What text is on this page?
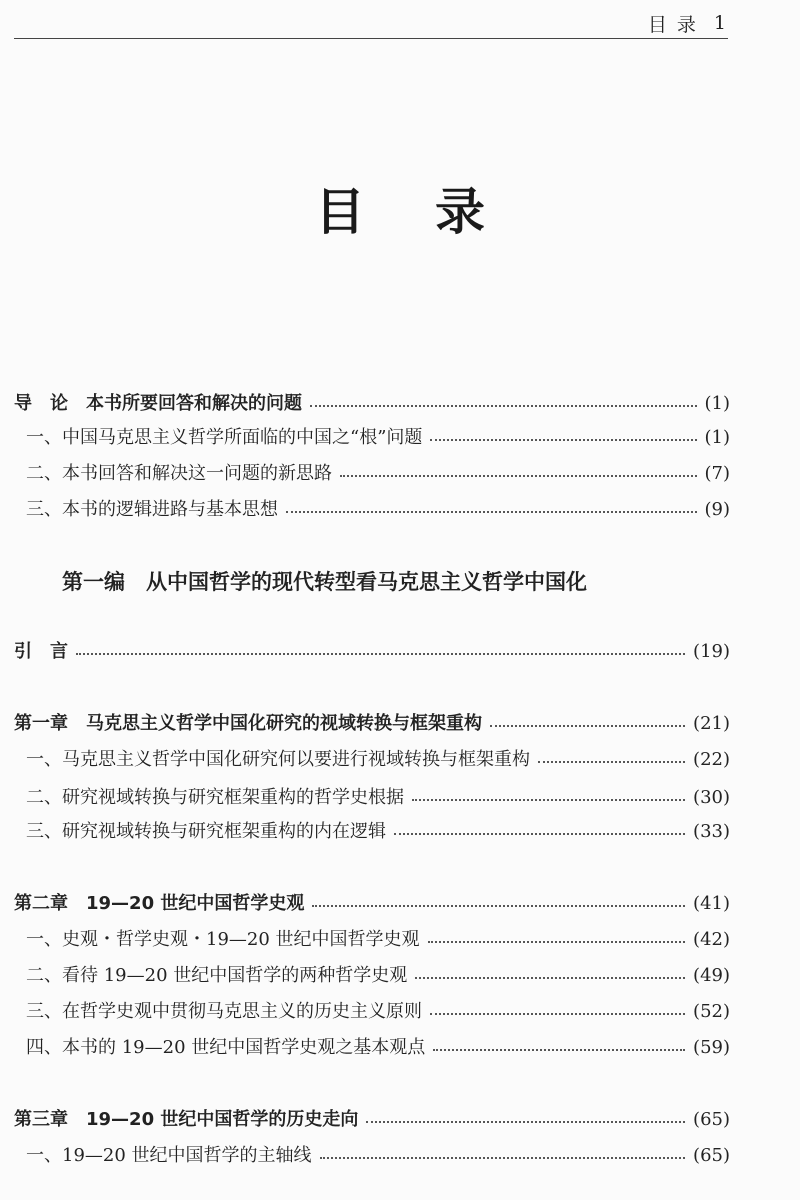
目录 1
目录
导　论　本书所要回答和解决的问题	(1)
一、中国马克思主义哲学所面临的中国之“根”问题	(1)
二、本书回答和解决这一问题的新思路	(7)
三、本书的逻辑进路与基本思想	(9)
第一编　从中国哲学的现代转型看马克思主义哲学中国化
引　言	(19)
第一章　马克思主义哲学中国化研究的视域转换与框架重构	(21)
一、马克思主义哲学中国化研究何以要进行视域转换与框架重构	(22)
二、研究视域转换与研究框架重构的哲学史根据	(30)
三、研究视域转换与研究框架重构的内在逻辑	(33)
第二章　19—20 世纪中国哲学史观	(41)
一、史观・哲学史观・19—20 世纪中国哲学史观	(42)
二、看待 19—20 世纪中国哲学的两种哲学史观	(49)
三、在哲学史观中贯彻马克思主义的历史主义原则	(52)
四、本书的 19—20 世纪中国哲学史观之基本观点	(59)
第三章　19—20 世纪中国哲学的历史走向	(65)
一、19—20 世纪中国哲学的主轴线	(65)
